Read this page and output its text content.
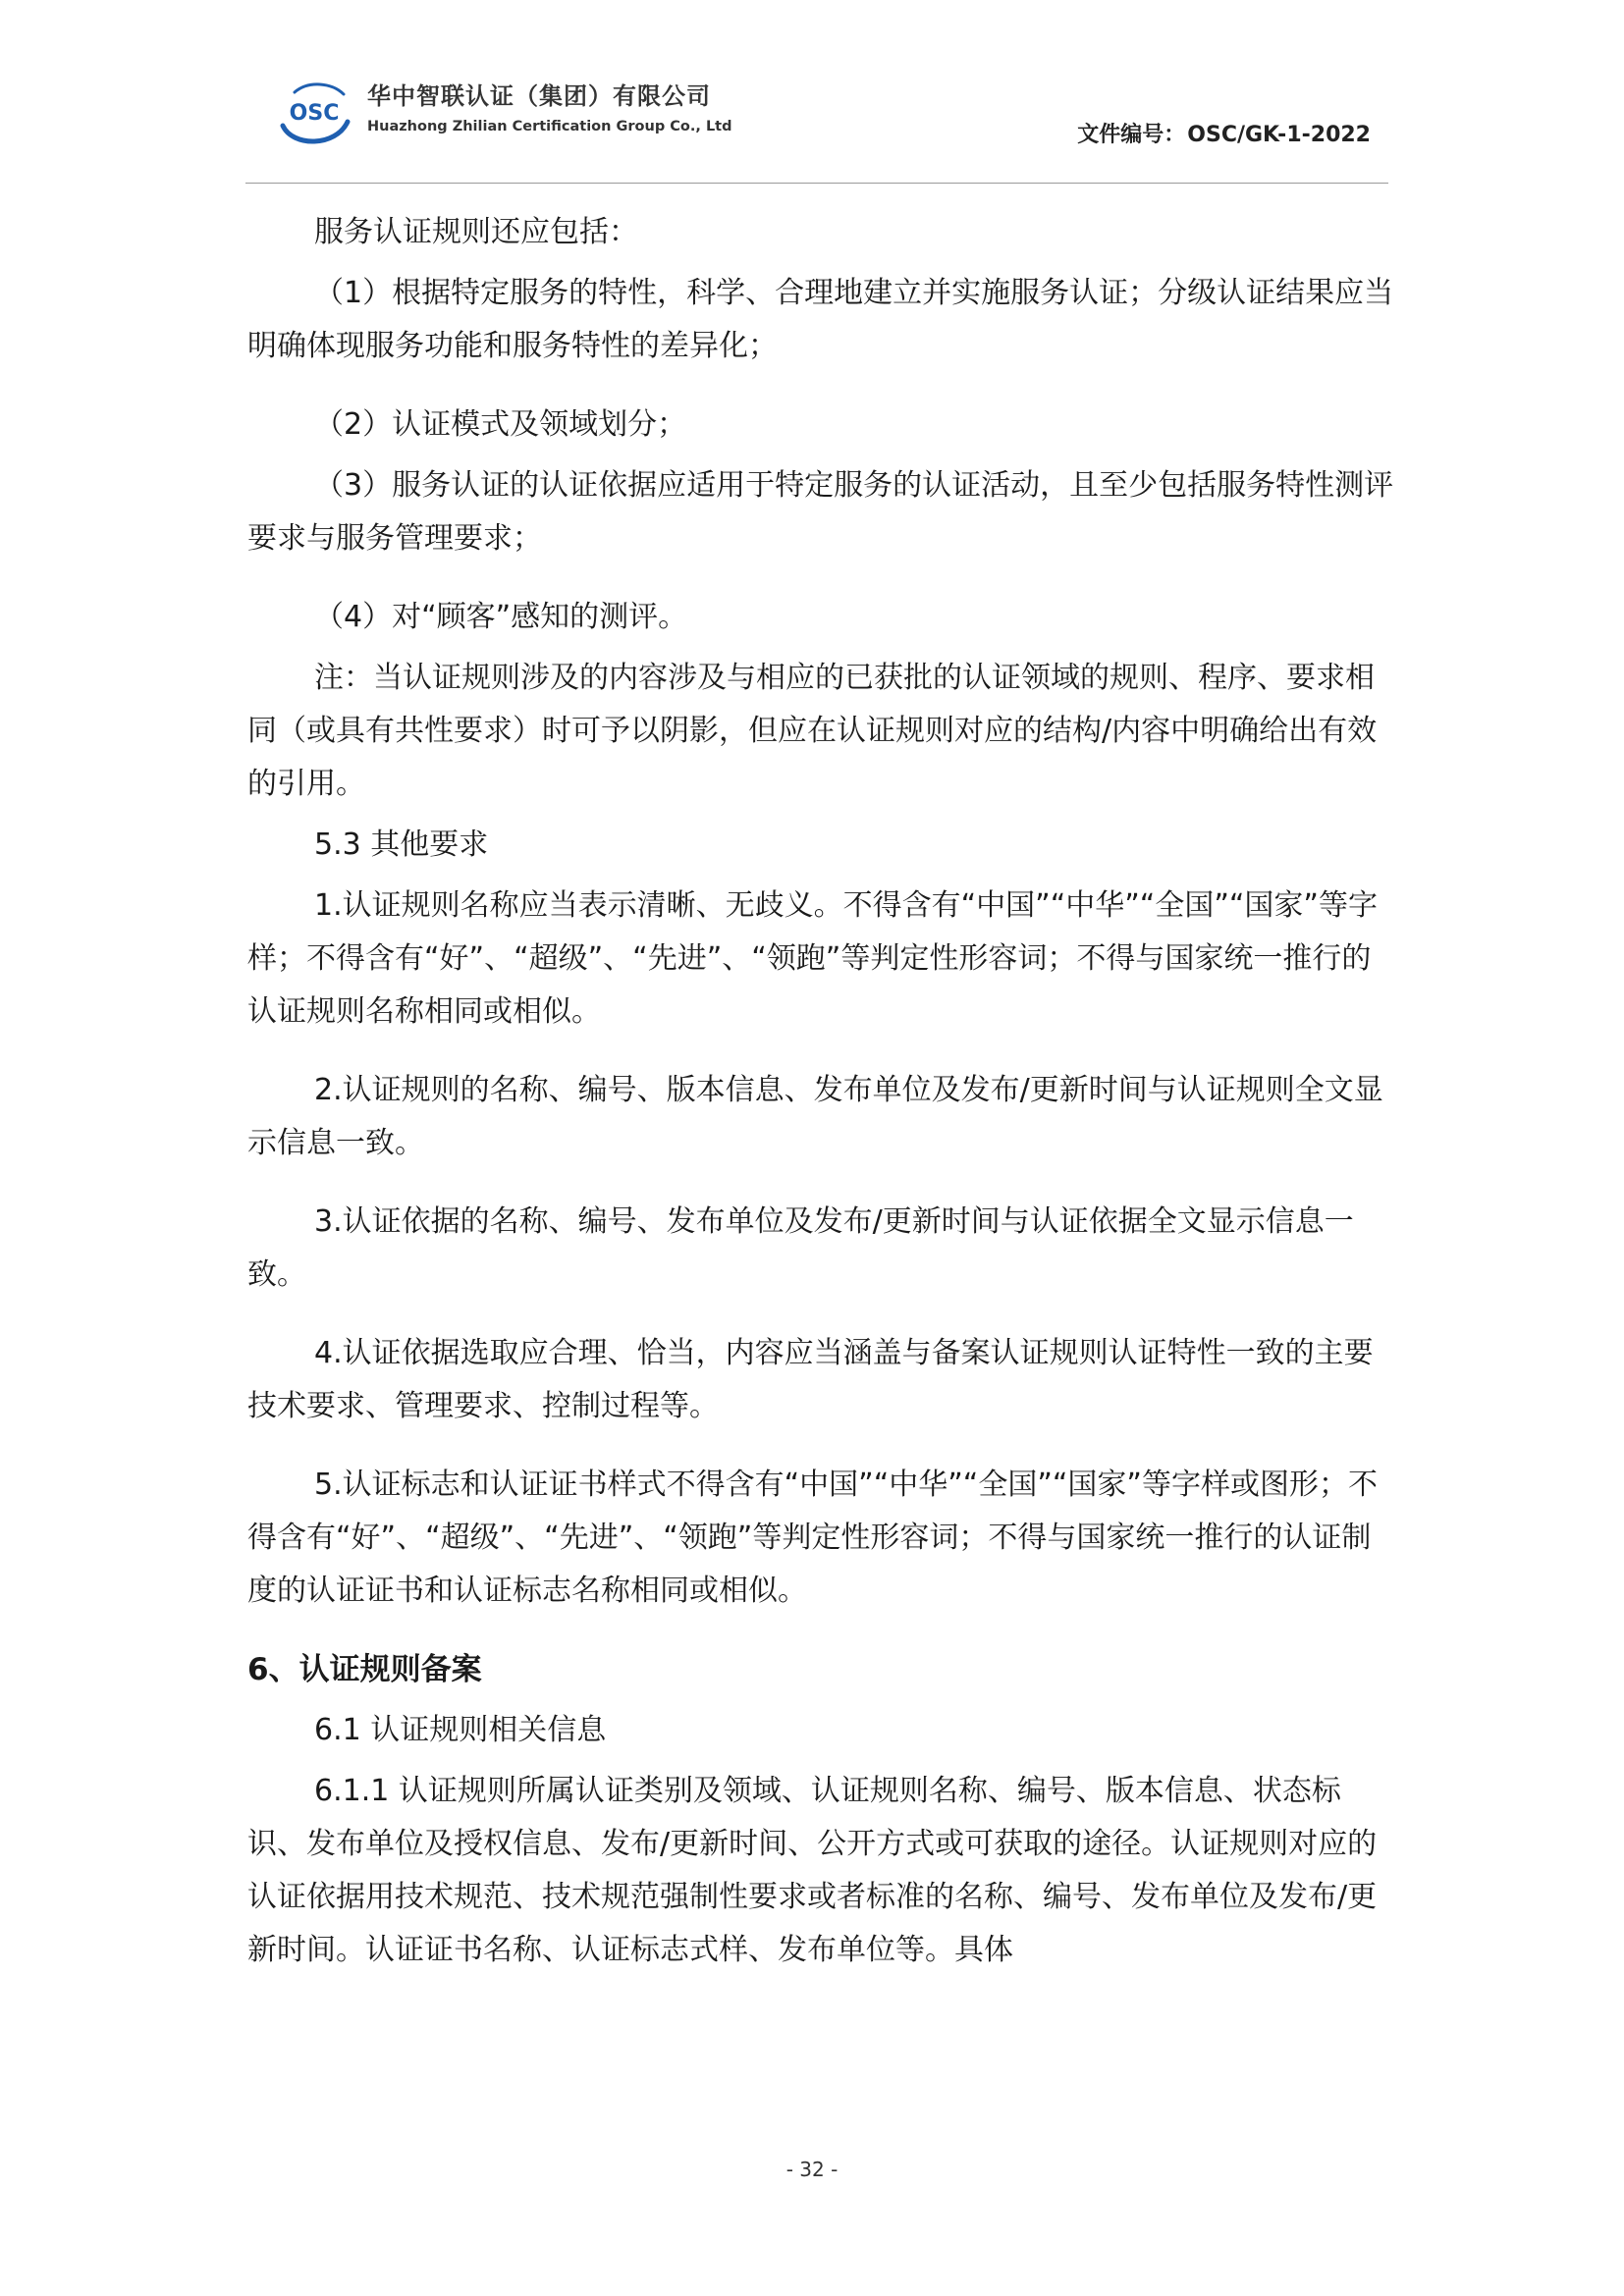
OSC
华中智联认证（集团）有限公司
Huazhong Zhilian Certification Group Co., Ltd	文件编号：OSC/GK-1-2022

服务认证规则还应包括：

（1）根据特定服务的特性，科学、合理地建立并实施服务认证；分级认证结果应当明确体现服务功能和服务特性的差异化；

（2）认证模式及领域划分；

（3）服务认证的认证依据应适用于特定服务的认证活动，且至少包括服务特性测评要求与服务管理要求；

（4）对“顾客”感知的测评。

注：当认证规则涉及的内容涉及与相应的已获批的认证领域的规则、程序、要求相同（或具有共性要求）时可予以阴影，但应在认证规则对应的结构/内容中明确给出有效的引用。

5.3 其他要求

1.认证规则名称应当表示清晰、无歧义。不得含有“中国”“中华”“全国”“国家”等字样；不得含有“好”、“超级”、“先进”、“领跑”等判定性形容词；不得与国家统一推行的认证规则名称相同或相似。

2.认证规则的名称、编号、版本信息、发布单位及发布/更新时间与认证规则全文显示信息一致。

3.认证依据的名称、编号、发布单位及发布/更新时间与认证依据全文显示信息一致。

4.认证依据选取应合理、恰当，内容应当涵盖与备案认证规则认证特性一致的主要技术要求、管理要求、控制过程等。

5.认证标志和认证证书样式不得含有“中国”“中华”“全国”“国家”等字样或图形；不得含有“好”、“超级”、“先进”、“领跑”等判定性形容词；不得与国家统一推行的认证制度的认证证书和认证标志名称相同或相似。

6、认证规则备案

6.1 认证规则相关信息

6.1.1 认证规则所属认证类别及领域、认证规则名称、编号、版本信息、状态标识、发布单位及授权信息、发布/更新时间、公开方式或可获取的途径。认证规则对应的认证依据用技术规范、技术规范强制性要求或者标准的名称、编号、发布单位及发布/更新时间。认证证书名称、认证标志式样、发布单位等。具体

- 32 -
